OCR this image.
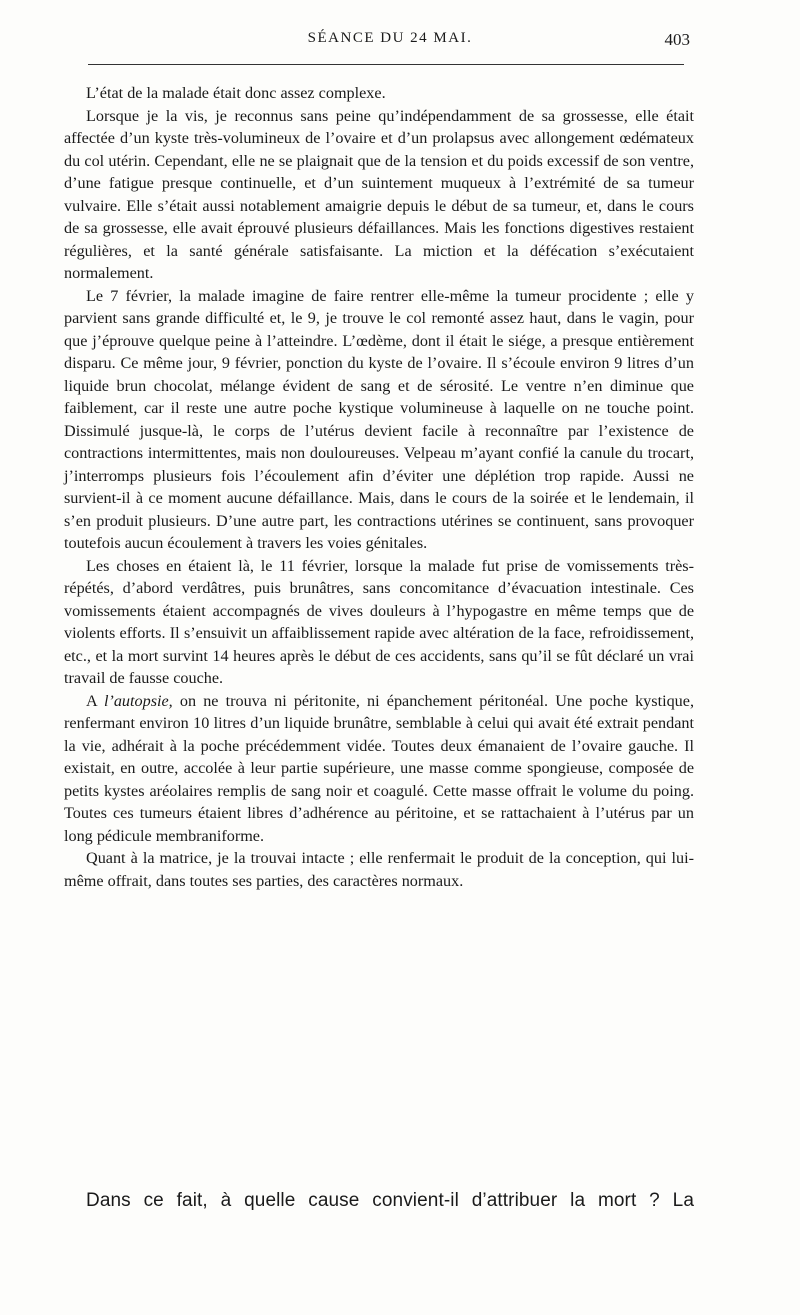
SÉANCE DU 24 MAI.	403

L’état de la malade était donc assez complexe.

Lorsque je la vis, je reconnus sans peine qu’indépendamment de sa grossesse, elle était affectée d’un kyste très-volumineux de l’ovaire et d’un prolapsus avec allongement œdémateux du col utérin. Cependant, elle ne se plaignait que de la tension et du poids excessif de son ventre, d’une fatigue presque continuelle, et d’un suintement muqueux à l’extrémité de sa tumeur vulvaire. Elle s’était aussi notablement amaigrie depuis le début de sa tumeur, et, dans le cours de sa grossesse, elle avait éprouvé plusieurs défaillances. Mais les fonctions digestives restaient régulières, et la santé générale satisfaisante. La miction et la défécation s’exécutaient normalement.

Le 7 février, la malade imagine de faire rentrer elle-même la tumeur procidente ; elle y parvient sans grande difficulté et, le 9, je trouve le col remonté assez haut, dans le vagin, pour que j’éprouve quelque peine à l’atteindre. L’œdème, dont il était le siége, a presque entièrement disparu. Ce même jour, 9 février, ponction du kyste de l’ovaire. Il s’écoule environ 9 litres d’un liquide brun chocolat, mélange évident de sang et de sérosité. Le ventre n’en diminue que faiblement, car il reste une autre poche kystique volumineuse à laquelle on ne touche point. Dissimulé jusque-là, le corps de l’utérus devient facile à reconnaître par l’existence de contractions intermittentes, mais non douloureuses. Velpeau m’ayant confié la canule du trocart, j’interromps plusieurs fois l’écoulement afin d’éviter une déplétion trop rapide. Aussi ne survient-il à ce moment aucune défaillance. Mais, dans le cours de la soirée et le lendemain, il s’en produit plusieurs. D’une autre part, les contractions utérines se continuent, sans provoquer toutefois aucun écoulement à travers les voies génitales.

Les choses en étaient là, le 11 février, lorsque la malade fut prise de vomissements très-répétés, d’abord verdâtres, puis brunâtres, sans concomitance d’évacuation intestinale. Ces vomissements étaient accompagnés de vives douleurs à l’hypogastre en même temps que de violents efforts. Il s’ensuivit un affaiblissement rapide avec altération de la face, refroidissement, etc., et la mort survint 14 heures après le début de ces accidents, sans qu’il se fût déclaré un vrai travail de fausse couche.

A l’autopsie, on ne trouva ni péritonite, ni épanchement péritonéal. Une poche kystique, renfermant environ 10 litres d’un liquide brunâtre, semblable à celui qui avait été extrait pendant la vie, adhérait à la poche précédemment vidée. Toutes deux émanaient de l’ovaire gauche. Il existait, en outre, accolée à leur partie supérieure, une masse comme spongieuse, composée de petits kystes aréolaires remplis de sang noir et coagulé. Cette masse offrait le volume du poing. Toutes ces tumeurs étaient libres d’adhérence au péritoine, et se rattachaient à l’utérus par un long pédicule membraniforme.

Quant à la matrice, je la trouvai intacte ; elle renfermait le produit de la conception, qui lui-même offrait, dans toutes ses parties, des caractères normaux.

Dans ce fait, à quelle cause convient-il d’attribuer la mort ? La
